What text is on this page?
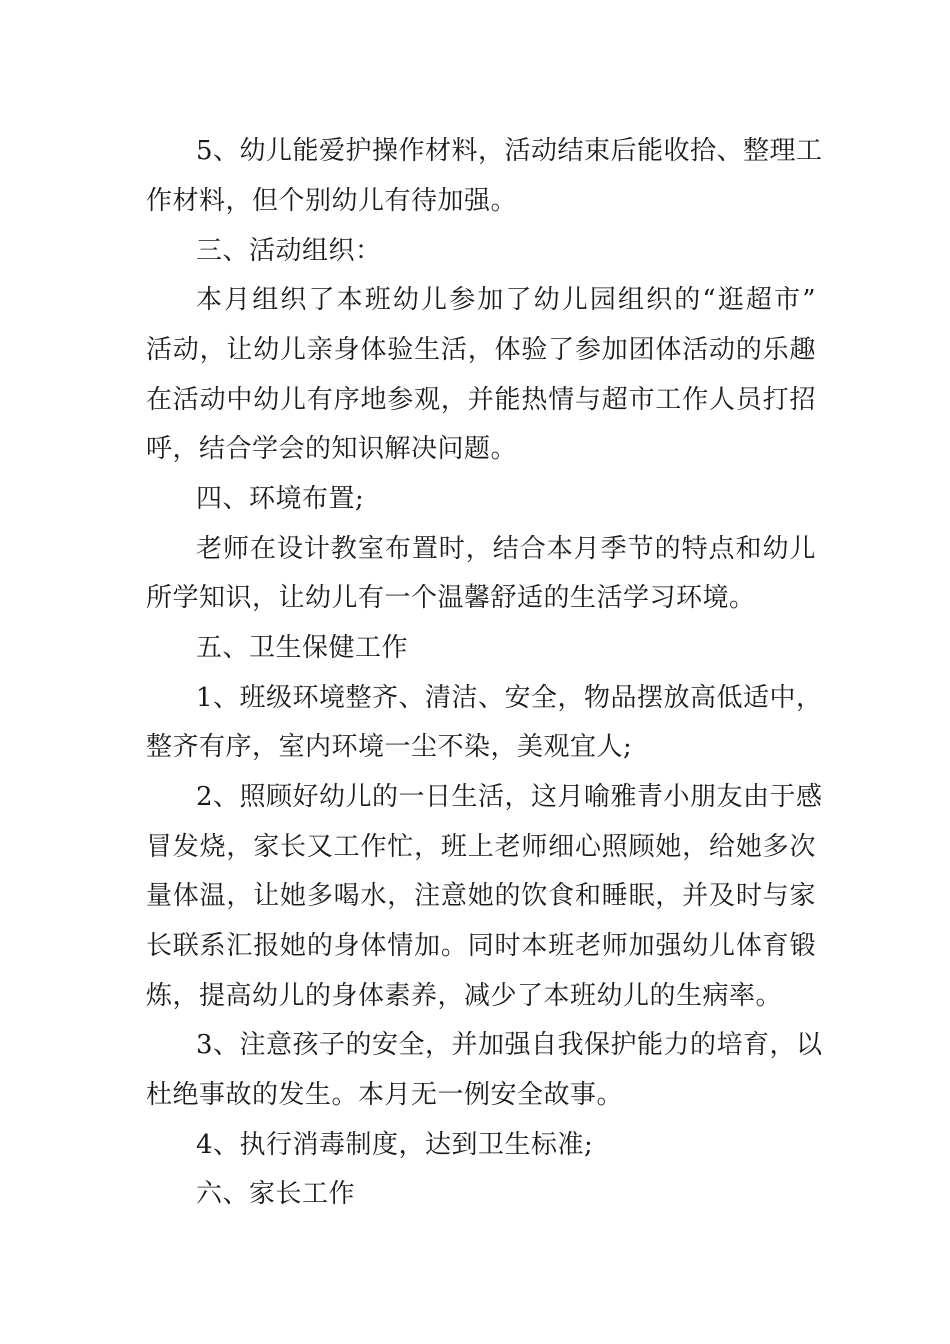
5、幼儿能爱护操作材料，活动结束后能收拾、整理工
作材料，但个别幼儿有待加强。
三、活动组织：
本月组织了本班幼儿参加了幼儿园组织的“逛超市”
活动，让幼儿亲身体验生活，体验了参加团体活动的乐趣
在活动中幼儿有序地参观，并能热情与超市工作人员打招
呼，结合学会的知识解决问题。
四、环境布置;
老师在设计教室布置时，结合本月季节的特点和幼儿
所学知识，让幼儿有一个温馨舒适的生活学习环境。
五、卫生保健工作
1、班级环境整齐、清洁、安全，物品摆放高低适中，
整齐有序，室内环境一尘不染，美观宜人;
2、照顾好幼儿的一日生活，这月喻雅青小朋友由于感
冒发烧，家长又工作忙，班上老师细心照顾她，给她多次
量体温，让她多喝水，注意她的饮食和睡眠，并及时与家
长联系汇报她的身体情加。同时本班老师加强幼儿体育锻
炼，提高幼儿的身体素养，减少了本班幼儿的生病率。
3、注意孩子的安全，并加强自我保护能力的培育，以
杜绝事故的发生。本月无一例安全故事。
4、执行消毒制度，达到卫生标准;
六、家长工作
